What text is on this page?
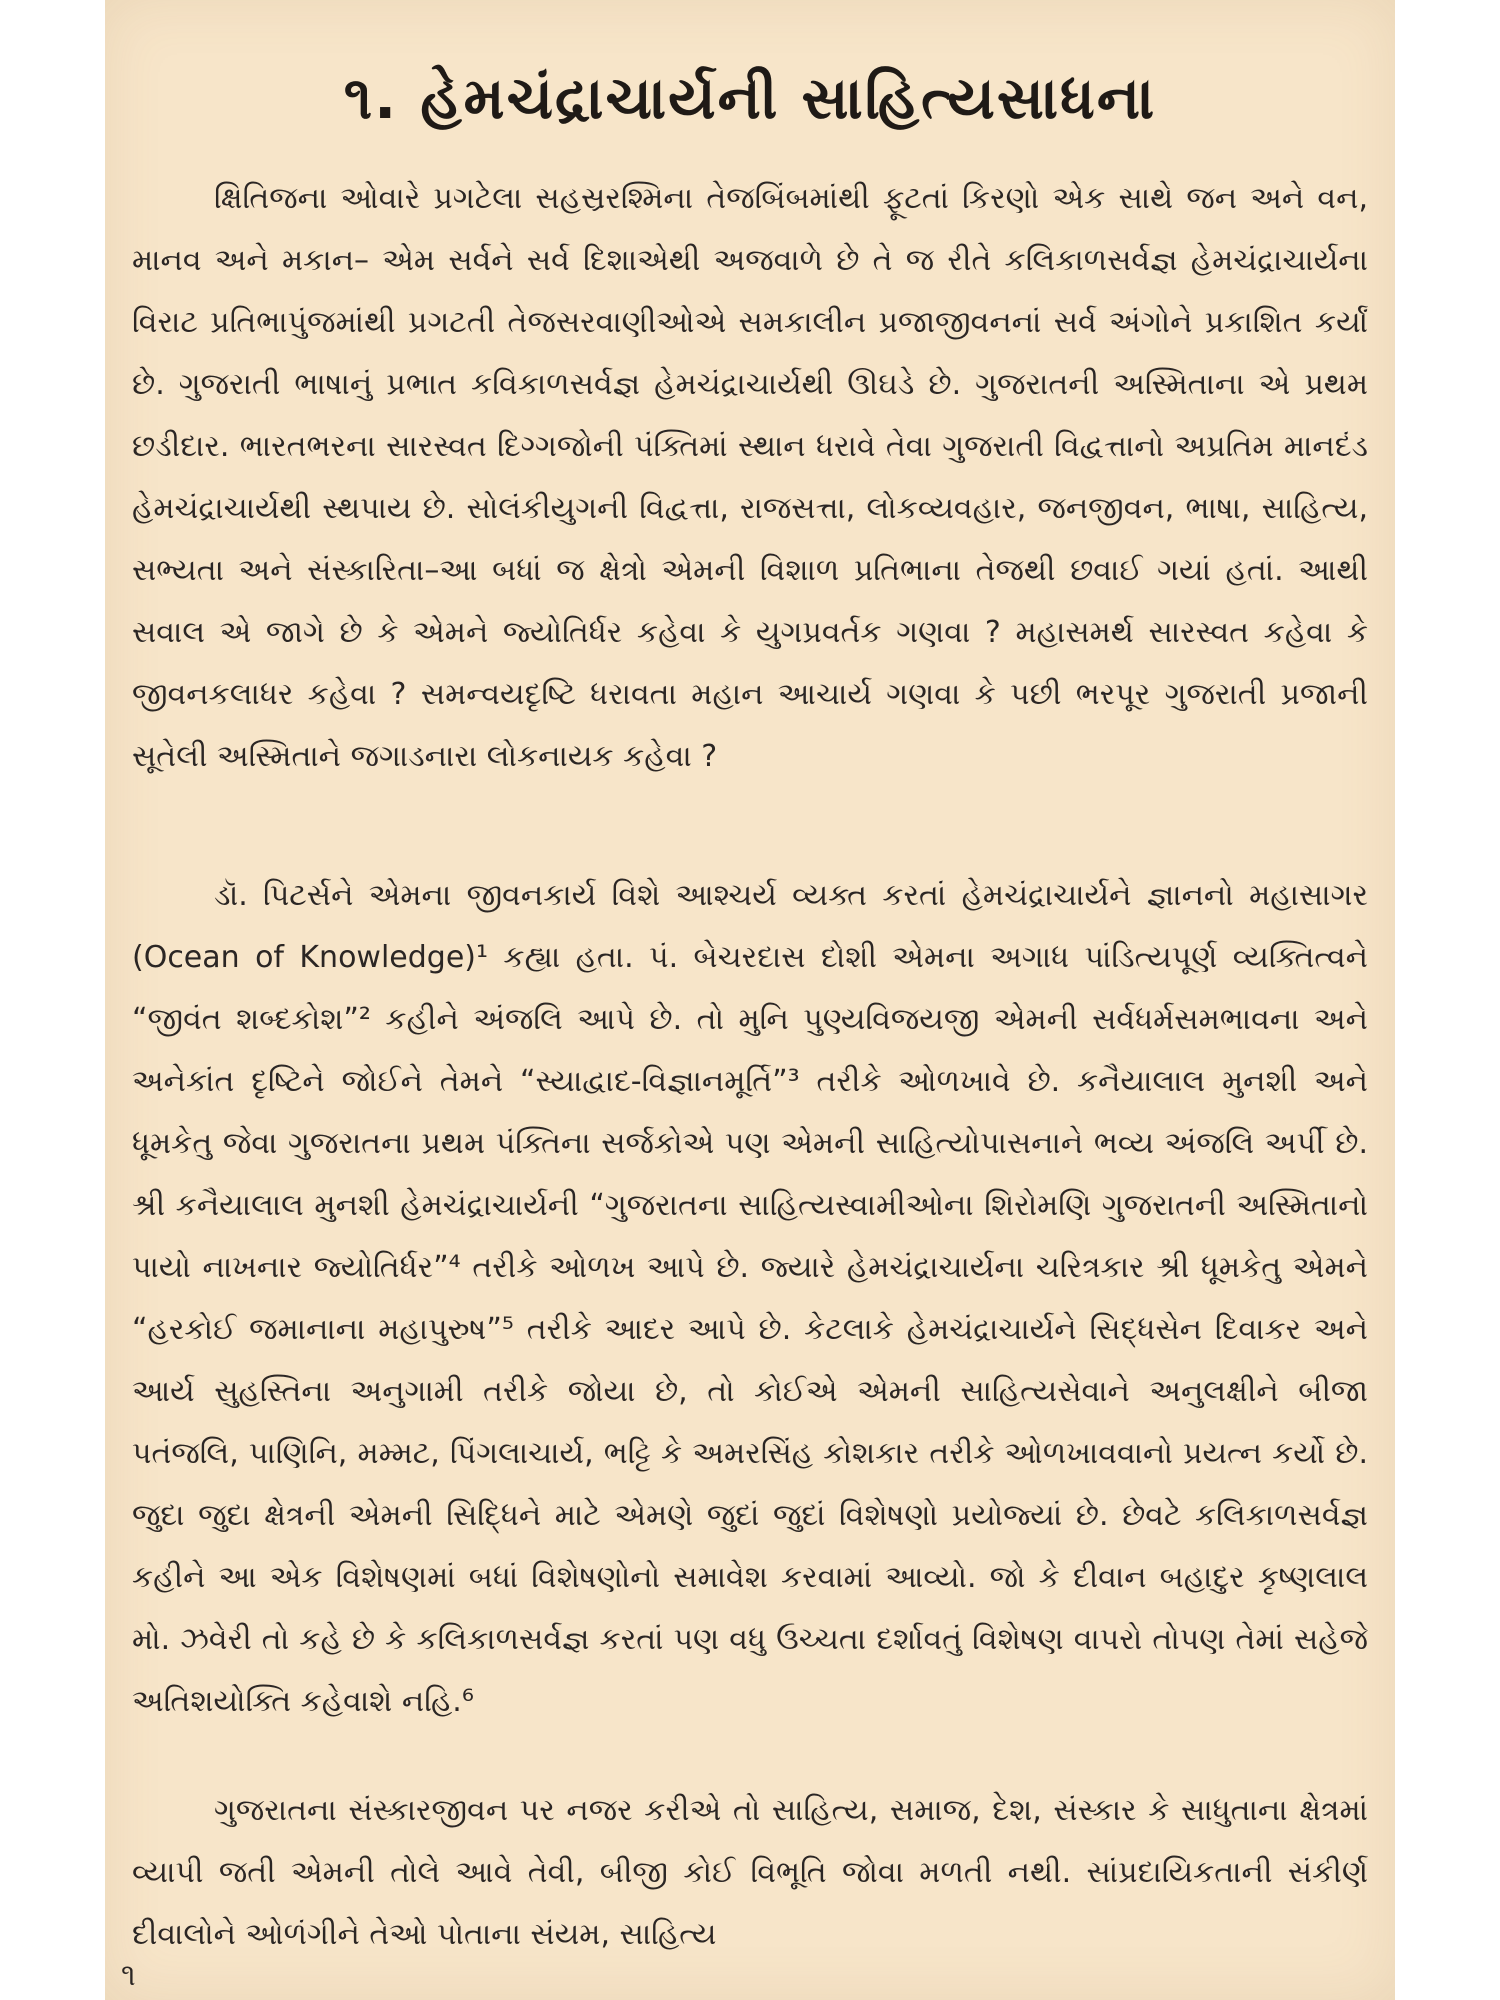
૧. હેમચંદ્રાચાર્યની સાહિત્યસાધના

ક્ષિતિજના ઓવારે પ્રગટેલા સહસ્રરશ્મિના તેજબિંબમાંથી ફૂટતાં કિરણો એક સાથે જન અને વન, માનવ અને મકાન– એમ સર્વને સર્વ દિશાએથી અજવાળે છે તે જ રીતે કલિકાળસર્વજ્ઞ હેમચંદ્રાચાર્યના વિરાટ પ્રતિભાપુંજમાંથી પ્રગટતી તેજસરવાણીઓએ સમકાલીન પ્રજાજીવનનાં સર્વ અંગોને પ્રકાશિત કર્યાં છે. ગુજરાતી ભાષાનું પ્રભાત કવિકાળસર્વજ્ઞ હેમચંદ્રાચાર્યથી ઊઘડે છે. ગુજરાતની અસ્મિતાના એ પ્રથમ છડીદાર. ભારતભરના સારસ્વત દિગ્ગજોની પંક્તિમાં સ્થાન ધરાવે તેવા ગુજરાતી વિદ્વત્તાનો અપ્રતિમ માનદંડ હેમચંદ્રાચાર્યથી સ્થપાય છે. સોલંકીયુગની વિદ્વત્તા, રાજસત્તા, લોકવ્યવહાર, જનજીવન, ભાષા, સાહિત્ય, સભ્યતા અને સંસ્કારિતા–આ બધાં જ ક્ષેત્રો એમની વિશાળ પ્રતિભાના તેજથી છવાઈ ગયાં હતાં. આથી સવાલ એ જાગે છે કે એમને જ્યોતિર્ધર કહેવા કે યુગપ્રવર્તક ગણવા ? મહાસમર્થ સારસ્વત કહેવા કે જીવનકલાધર કહેવા ? સમન્વયદૃષ્ટિ ધરાવતા મહાન આચાર્ય ગણવા કે પછી ભરપૂર ગુજરાતી પ્રજાની સૂતેલી અસ્મિતાને જગાડનારા લોકનાયક કહેવા ?

ડૉ. પિટર્સને એમના જીવનકાર્ય વિશે આશ્ચર્ય વ્યક્ત કરતાં હેમચંદ્રાચાર્યને જ્ઞાનનો મહાસાગર (Ocean of Knowledge)¹ કહ્યા હતા. પં. બેચરદાસ દોશી એમના અગાધ પાંડિત્યપૂર્ણ વ્યક્તિત્વને “જીવંત શબ્દકોશ”² કહીને અંજલિ આપે છે. તો મુનિ પુણ્યવિજયજી એમની સર્વધર્મસમભાવના અને અનેકાંત દૃષ્ટિને જોઈને તેમને “સ્યાદ્વાદ-વિજ્ઞાનમૂર્તિ”³ તરીકે ઓળખાવે છે. કનૈયાલાલ મુનશી અને ધૂમકેતુ જેવા ગુજરાતના પ્રથમ પંક્તિના સર્જકોએ પણ એમની સાહિત્યોપાસનાને ભવ્ય અંજલિ અર્પી છે. શ્રી કનૈયાલાલ મુનશી હેમચંદ્રાચાર્યની “ગુજરાતના સાહિત્યસ્વામીઓના શિરોમણિ ગુજરાતની અસ્મિતાનો પાયો નાખનાર જ્યોતિર્ધર”⁴ તરીકે ઓળખ આપે છે. જ્યારે હેમચંદ્રાચાર્યના ચરિત્રકાર શ્રી ધૂમકેતુ એમને “હરકોઈ જમાનાના મહાપુરુષ”⁵ તરીકે આદર આપે છે. કેટલાકે હેમચંદ્રાચાર્યને સિદ્ધસેન દિવાકર અને આર્ય સુહસ્તિના અનુગામી તરીકે જોયા છે, તો કોઈએ એમની સાહિત્યસેવાને અનુલક્ષીને બીજા પતંજલિ, પાણિનિ, મમ્મટ, પિંગલાચાર્ય, ભટ્ટિ કે અમરસિંહ કોશકાર તરીકે ઓળખાવવાનો પ્રયત્ન કર્યો છે. જુદા જુદા ક્ષેત્રની એમની સિદ્ધિને માટે એમણે જુદાં જુદાં વિશેષણો પ્રયોજ્યાં છે. છેવટે કલિકાળસર્વજ્ઞ કહીને આ એક વિશેષણમાં બધાં વિશેષણોનો સમાવેશ કરવામાં આવ્યો. જો કે દીવાન બહાદુર કૃષ્ણલાલ મો. ઝવેરી તો કહે છે કે કલિકાળસર્વજ્ઞ કરતાં પણ વધુ ઉચ્ચતા દર્શાવતું વિશેષણ વાપરો તોપણ તેમાં સહેજે અતિશયોક્તિ કહેવાશે નહિ.⁶

ગુજરાતના સંસ્કારજીવન પર નજર કરીએ તો સાહિત્ય, સમાજ, દેશ, સંસ્કાર કે સાધુતાના ક્ષેત્રમાં વ્યાપી જતી એમની તોલે આવે તેવી, બીજી કોઈ વિભૂતિ જોવા મળતી નથી. સાંપ્રદાયિકતાની સંકીર્ણ દીવાલોને ઓળંગીને તેઓ પોતાના સંયમ, સાહિત્ય

૧
